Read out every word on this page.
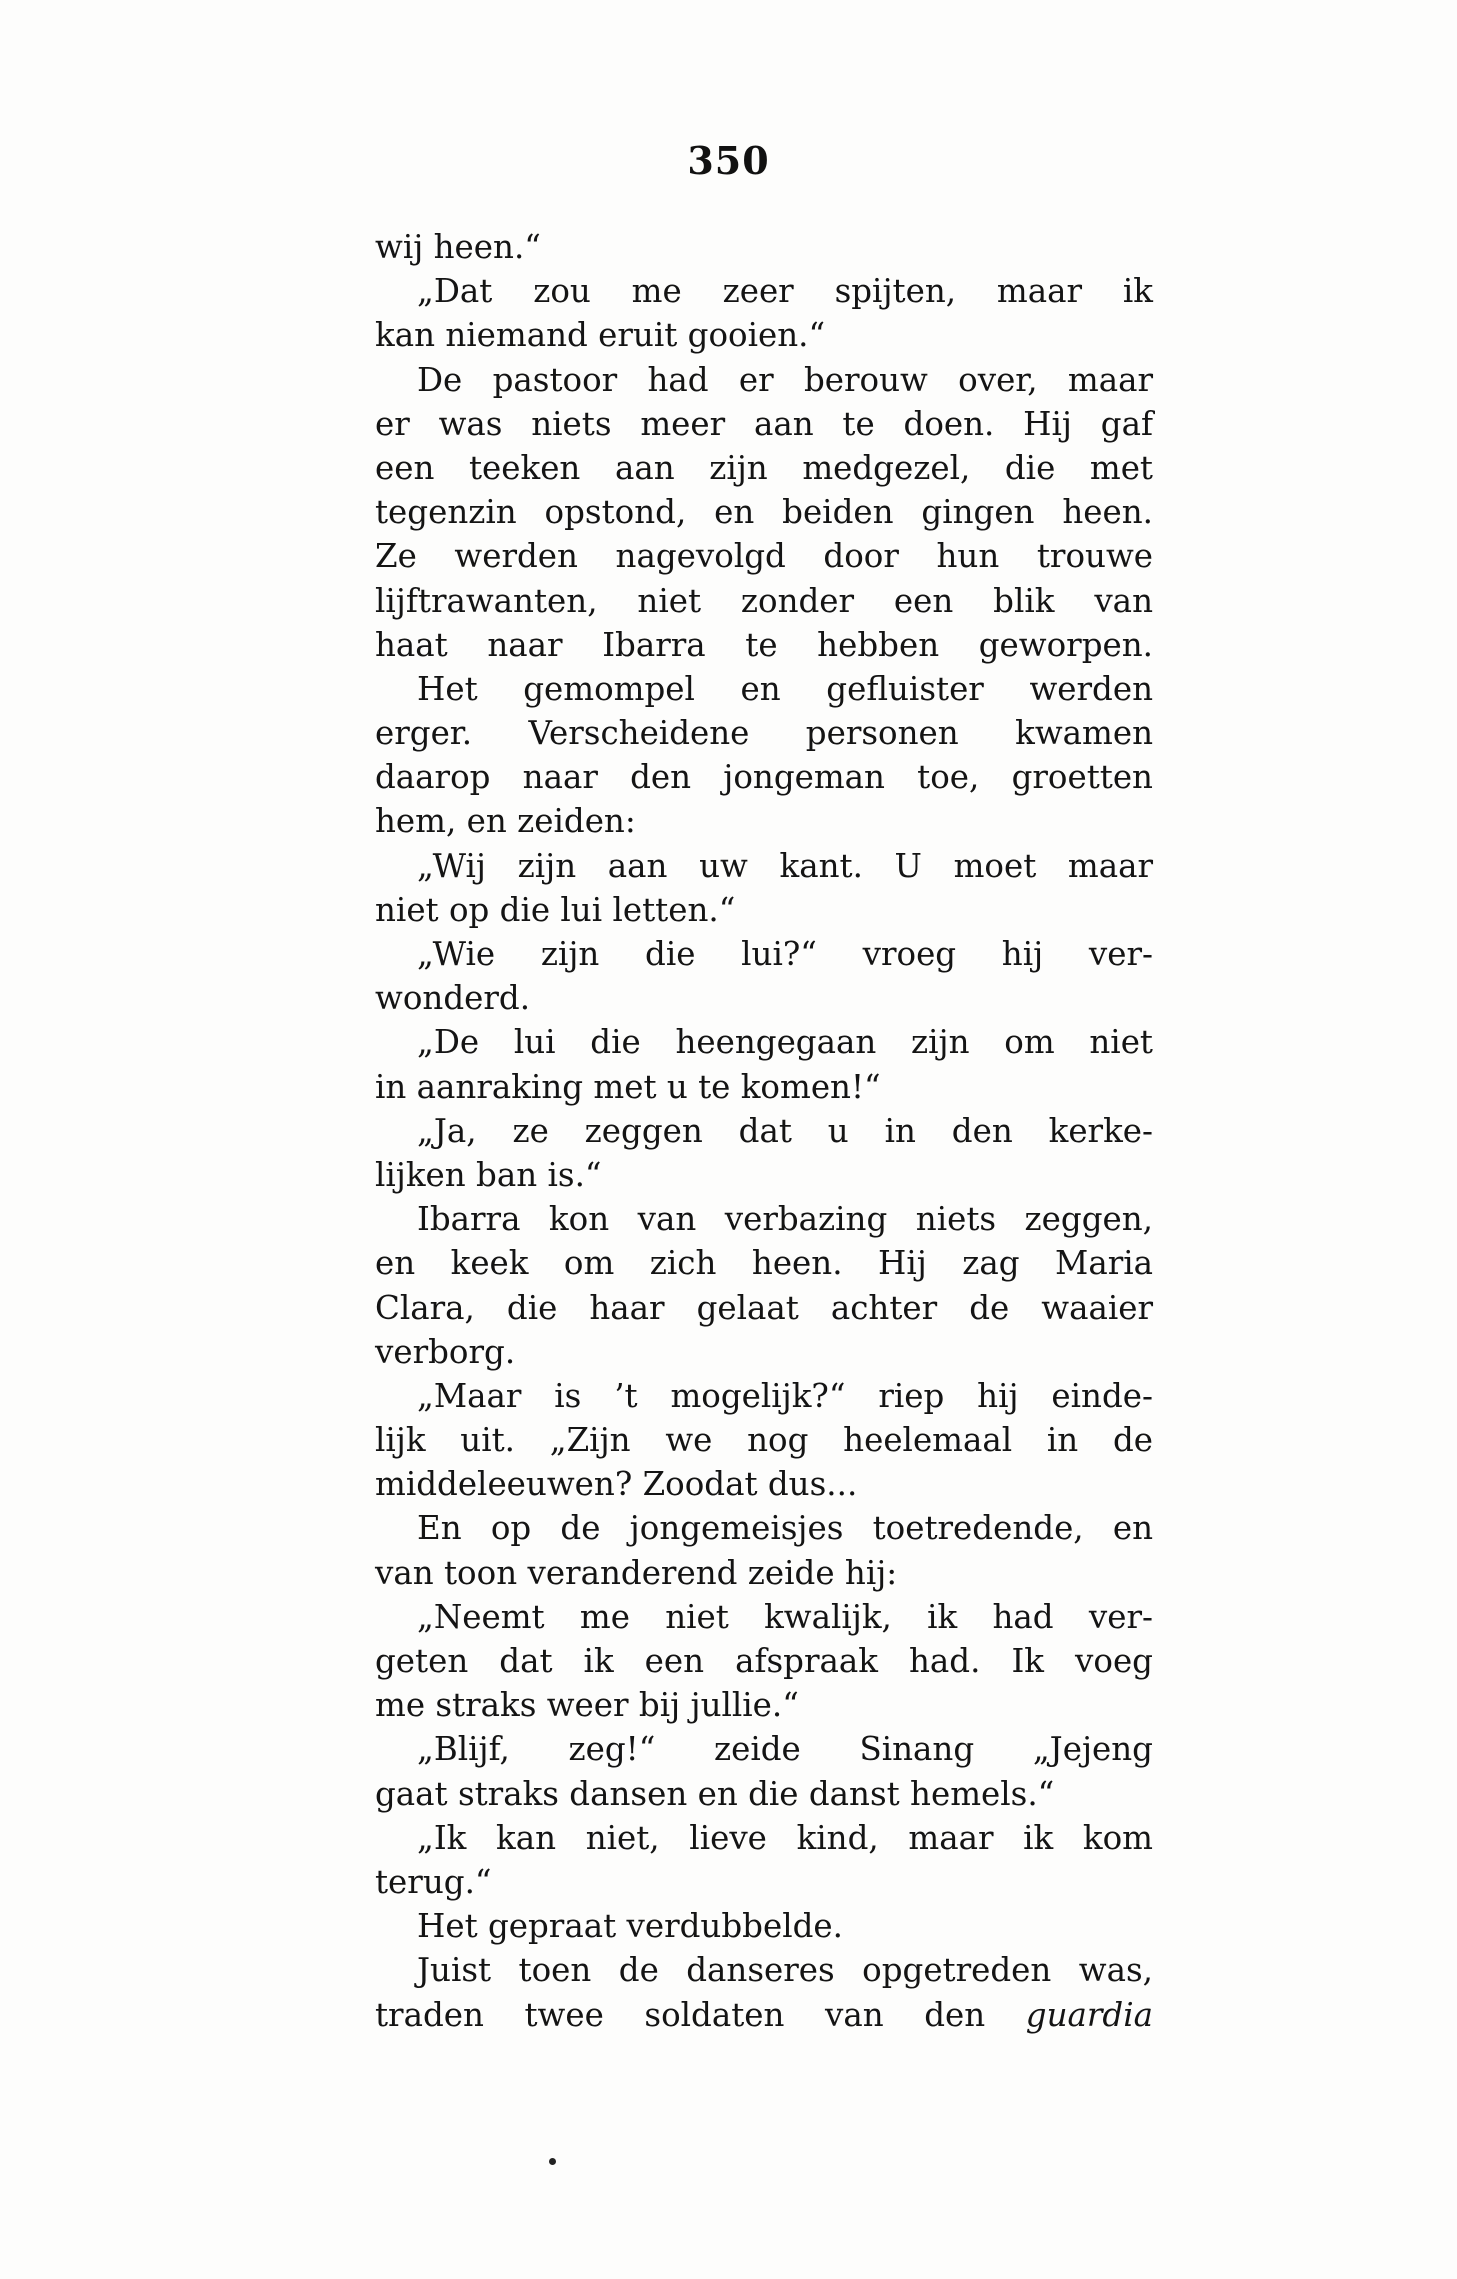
350
wij heen.“
„Dat zou me zeer spijten, maar ik
kan niemand eruit gooien.“
De pastoor had er berouw over, maar
er was niets meer aan te doen. Hij gaf
een teeken aan zijn medgezel, die met
tegenzin opstond, en beiden gingen heen.
Ze werden nagevolgd door hun trouwe
lijftrawanten, niet zonder een blik van
haat naar Ibarra te hebben geworpen.
Het gemompel en gefluister werden
erger. Verscheidene personen kwamen
daarop naar den jongeman toe, groetten
hem, en zeiden:
„Wij zijn aan uw kant. U moet maar
niet op die lui letten.“
„Wie zijn die lui?“ vroeg hij ver-
wonderd.
„De lui die heengegaan zijn om niet
in aanraking met u te komen!“
„Ja, ze zeggen dat u in den kerke-
lijken ban is.“
Ibarra kon van verbazing niets zeggen,
en keek om zich heen. Hij zag Maria
Clara, die haar gelaat achter de waaier
verborg.
„Maar is ’t mogelijk?“ riep hij einde-
lijk uit. „Zijn we nog heelemaal in de
middeleeuwen? Zoodat dus...
En op de jongemeisjes toetredende, en
van toon veranderend zeide hij:
„Neemt me niet kwalijk, ik had ver-
geten dat ik een afspraak had. Ik voeg
me straks weer bij jullie.“
„Blijf, zeg!“ zeide Sinang „Jejeng
gaat straks dansen en die danst hemels.“
„Ik kan niet, lieve kind, maar ik kom
terug.“
Het gepraat verdubbelde.
Juist toen de danseres opgetreden was,
traden twee soldaten van den guardia
